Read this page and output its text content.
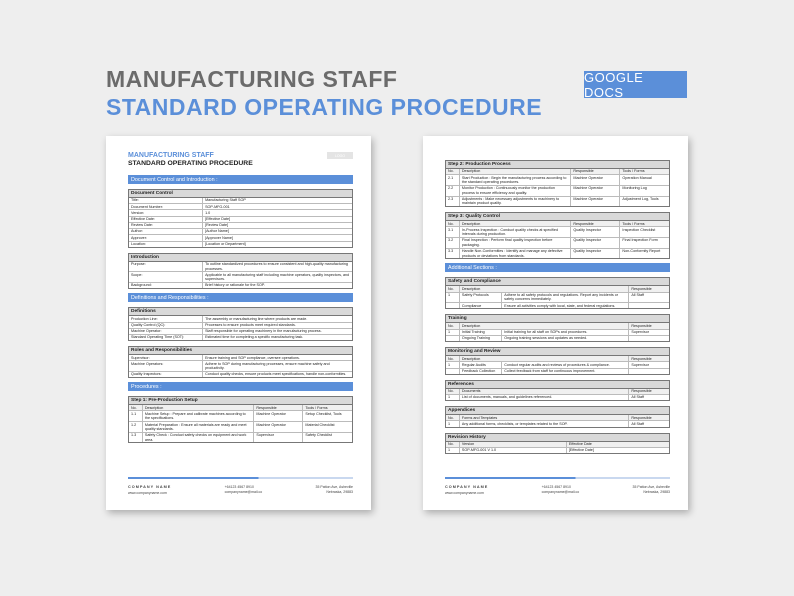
MANUFACTURING STAFF
STANDARD OPERATING PROCEDURE
GOOGLE DOCS
MANUFACTURING STAFF
STANDARD OPERATING PROCEDURE
LOGO
Document Control and Introduction :
Document Control
Title:	Manufacturing Staff SOP
Document Number:	SOP-MFG-001
Version:	1.0
Effective Date:	[Effective Date]
Review Date:	[Review Date]
Author:	[Author Name]
Approver:	[Approver Name]
Location:	[Location or Department]
Introduction
Purpose:	To outline standardized procedures to ensure consistent and high-quality manufacturing processes.
Scope:	Applicable to all manufacturing staff including machine operators, quality inspectors, and supervisors.
Background:	Brief history or rationale for the SOP.
Definitions and Responsibilities :
Definitions
Production Line:	The assembly or manufacturing line where products are made.
Quality Control (QC):	Processes to ensure products meet required standards.
Machine Operator:	Staff responsible for operating machinery in the manufacturing process.
Standard Operating Time (SOT):	Estimated time for completing a specific manufacturing task.
Roles and Responsibilities
Supervisor:	Ensure training and SOP compliance, oversee operations.
Machine Operators:	Adhere to SOP during manufacturing processes, ensure machine safety and productivity.
Quality Inspectors:	Conduct quality checks, ensure products meet specifications, handle non-conformities.
Procedures :
Step 1: Pre-Production Setup
No.	Description	Responsible	Tools / Forms
1.1	Machine Setup : Prepare and calibrate machines according to the specifications.	Machine Operator	Setup Checklist, Tools
1.2	Material Preparation : Ensure all materials are ready and meet quality standards.	Machine Operator	Material Checklist
1.3	Safety Check : Conduct safety checks on equipment and work area.	Supervisor	Safety Checklist
COMPANY NAME
www.companyname.com
+64123 4567 8910
companyname@mail.co
35 Patton Ave, Asheville
Nebraska, 29883
Step 2: Production Process
No.	Description	Responsible	Tools / Forms
2.1	Start Production : Begin the manufacturing process according to the standard operating procedures.	Machine Operator	Operation Manual
2.2	Monitor Production : Continuously monitor the production process to ensure efficiency and quality.	Machine Operator	Monitoring Log
2.3	Adjustments : Make necessary adjustments to machinery to maintain product quality.	Machine Operator	Adjustment Log, Tools
Step 3: Quality Control
No.	Description	Responsible	Tools / Forms
3.1	In-Process Inspection : Conduct quality checks at specified intervals during production.	Quality Inspector	Inspection Checklist
3.2	Final Inspection : Perform final quality inspection before packaging.	Quality Inspector	Final Inspection Form
3.3	Handle Non-Conformities : Identify and manage any defective products or deviations from standards.	Quality Inspector	Non-Conformity Report
Additional Sections :
Safety and Compliance
No.	Description		Responsible
1	Safety Protocols	Adhere to all safety protocols and regulations. Report any incidents or safety concerns immediately.	All Staff
	Compliance	Ensure all activities comply with local, state, and federal regulations.	
Training
No.	Description		Responsible
1	Initial Training	Initial training for all staff on SOPs and procedures.	Supervisor
	Ongoing Training	Ongoing training sessions and updates as needed.	
Monitoring and Review
No.	Description		Responsible
1	Regular Audits	Conduct regular audits and reviews of procedures & compliance.	Supervisor
	Feedback Collection	Collect feedback from staff for continuous improvement.	
References
No.	Documents	Responsible
1	List of documents, manuals, and guidelines referenced.	All Staff
Appendices
No.	Forms and Templates	Responsible
1	Any additional forms, checklists, or templates related to the SOP.	All Staff
Revision History
No.	Version	Effective Date
1	SOP-MFG-001 V 1.0	[Effective Date]
COMPANY NAME
www.companyname.com
+64123 4567 8910
companyname@mail.co
35 Patton Ave, Asheville
Nebraska, 29883
